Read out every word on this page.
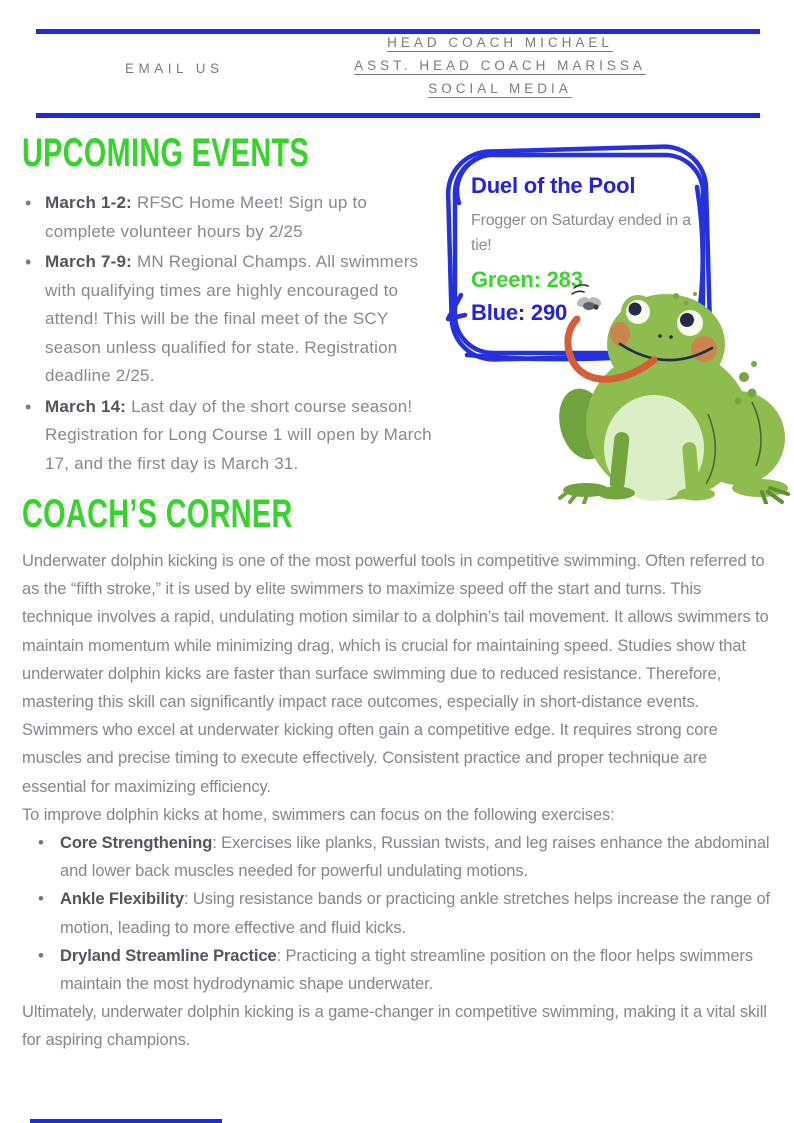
EMAIL US
HEAD COACH MICHAEL
ASST. HEAD COACH MARISSA
SOCIAL MEDIA
UPCOMING EVENTS
• March 1-2: RFSC Home Meet! Sign up to complete volunteer hours by 2/25
• March 7-9: MN Regional Champs. All swimmers with qualifying times are highly encouraged to attend! This will be the final meet of the SCY season unless qualified for state. Registration deadline 2/25.
• March 14: Last day of the short course season! Registration for Long Course 1 will open by March 17, and the first day is March 31.
Duel of the Pool
Frogger on Saturday ended in a tie!
Green: 283
Blue: 290
COACH’S CORNER
Underwater dolphin kicking is one of the most powerful tools in competitive swimming. Often referred to as the “fifth stroke,” it is used by elite swimmers to maximize speed off the start and turns. This technique involves a rapid, undulating motion similar to a dolphin’s tail movement. It allows swimmers to maintain momentum while minimizing drag, which is crucial for maintaining speed. Studies show that underwater dolphin kicks are faster than surface swimming due to reduced resistance. Therefore, mastering this skill can significantly impact race outcomes, especially in short-distance events. Swimmers who excel at underwater kicking often gain a competitive edge. It requires strong core muscles and precise timing to execute effectively. Consistent practice and proper technique are essential for maximizing efficiency.
To improve dolphin kicks at home, swimmers can focus on the following exercises:
• Core Strengthening: Exercises like planks, Russian twists, and leg raises enhance the abdominal and lower back muscles needed for powerful undulating motions.
• Ankle Flexibility: Using resistance bands or practicing ankle stretches helps increase the range of motion, leading to more effective and fluid kicks.
• Dryland Streamline Practice: Practicing a tight streamline position on the floor helps swimmers maintain the most hydrodynamic shape underwater.
Ultimately, underwater dolphin kicking is a game-changer in competitive swimming, making it a vital skill for aspiring champions.
